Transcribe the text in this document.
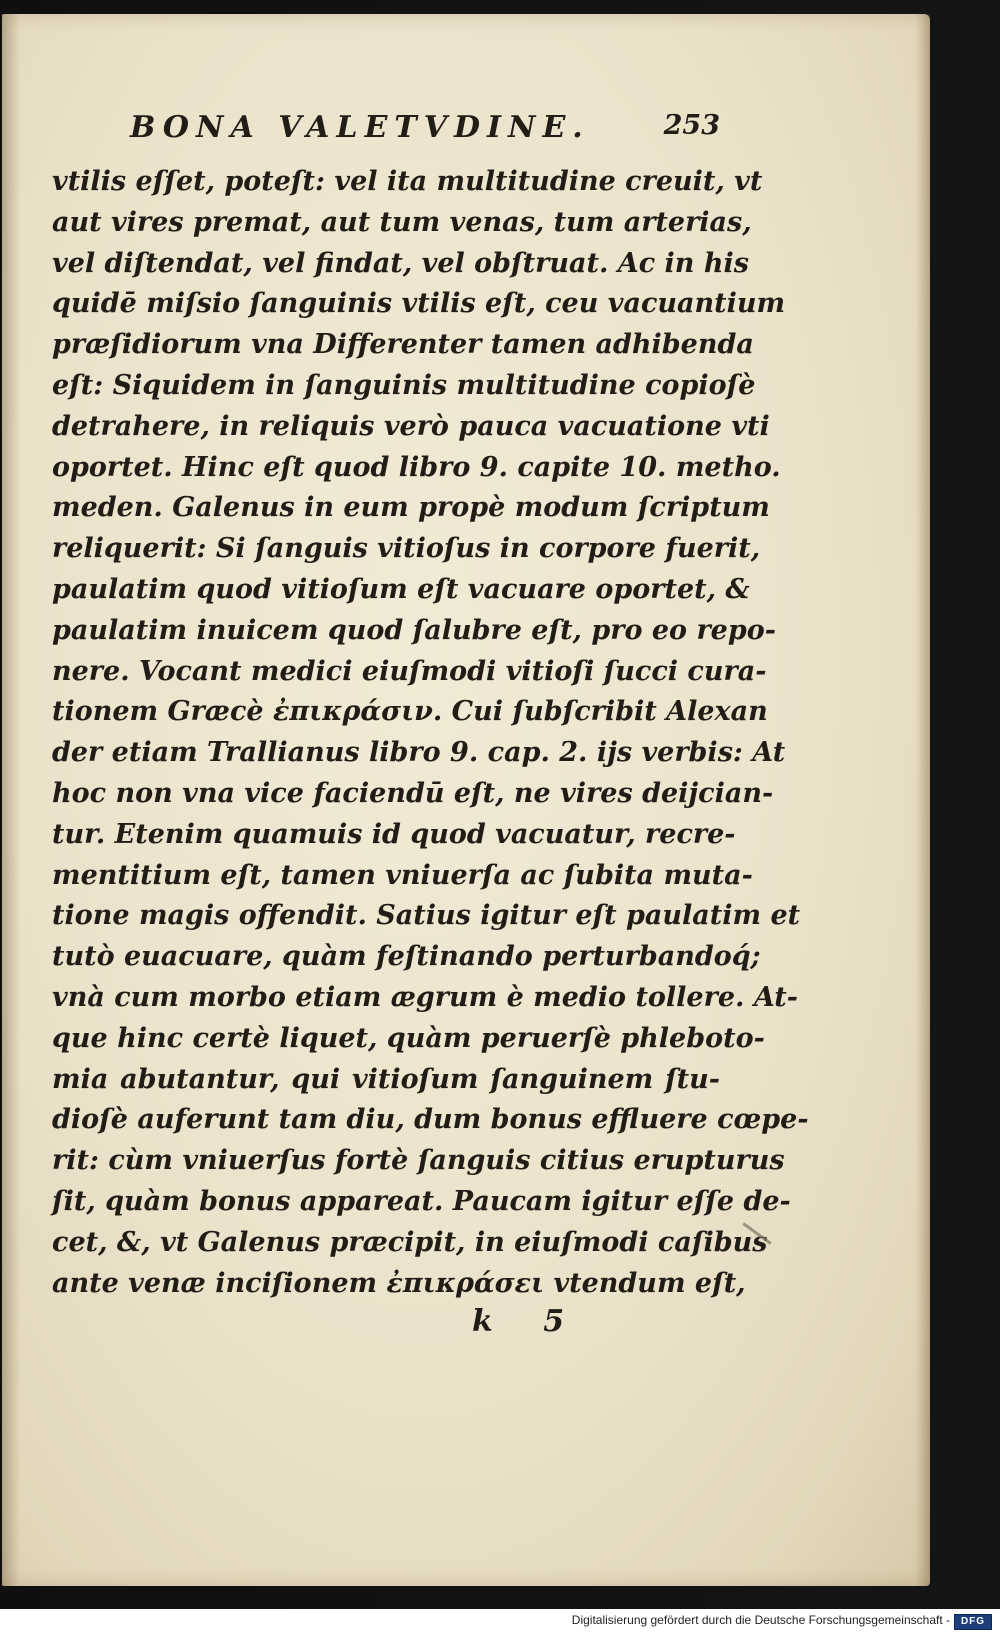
BONA VALETVDINE.	253
vtilis eſſet, poteſt: vel ita multitudine creuit, vt
aut vires premat, aut tum venas, tum arterias,
vel diſtendat, vel findat, vel obſtruat. Ac in his
quidē miſsio ſanguinis vtilis eſt, ceu vacuantium
præſidiorum vna Differenter tamen adhibenda
eſt: Siquidem in ſanguinis multitudine copioſè
detrahere, in reliquis verò pauca vacuatione vti
oportet. Hinc eſt quod libro 9. capite 10. metho.
meden. Galenus in eum propè modum ſcriptum
reliquerit: Si ſanguis vitioſus in corpore fuerit,
paulatim quod vitioſum eſt vacuare oportet, &
paulatim inuicem quod ſalubre eſt, pro eo repo-
nere. Vocant medici eiuſmodi vitioſi ſucci cura-
tionem Græcè ἐπικράσιν. Cui ſubſcribit Alexan
der etiam Trallianus libro 9. cap. 2. ijs verbis: At
hoc non vna vice faciendū eſt, ne vires deijcian-
tur. Etenim quamuis id quod vacuatur, recre-
mentitium eſt, tamen vniuerſa ac ſubita muta-
tione magis offendit. Satius igitur eſt paulatim et
tutò euacuare, quàm feſtinando perturbandoq́;
vnà cum morbo etiam ægrum è medio tollere. At-
que hinc certè liquet, quàm peruerſè phleboto-
mia abutantur, qui vitioſum ſanguinem ſtu-
dioſè auferunt tam diu, dum bonus effluere cœpe-
rit: cùm vniuerſus fortè ſanguis citius erupturus
ſit, quàm bonus appareat. Paucam igitur eſſe de-
cet, &, vt Galenus præcipit, in eiuſmodi caſibus
ante venæ inciſionem ἐπικράσει vtendum eſt,
k 5
Digitalisierung gefördert durch die Deutsche Forschungsgemeinschaft -	DFG
